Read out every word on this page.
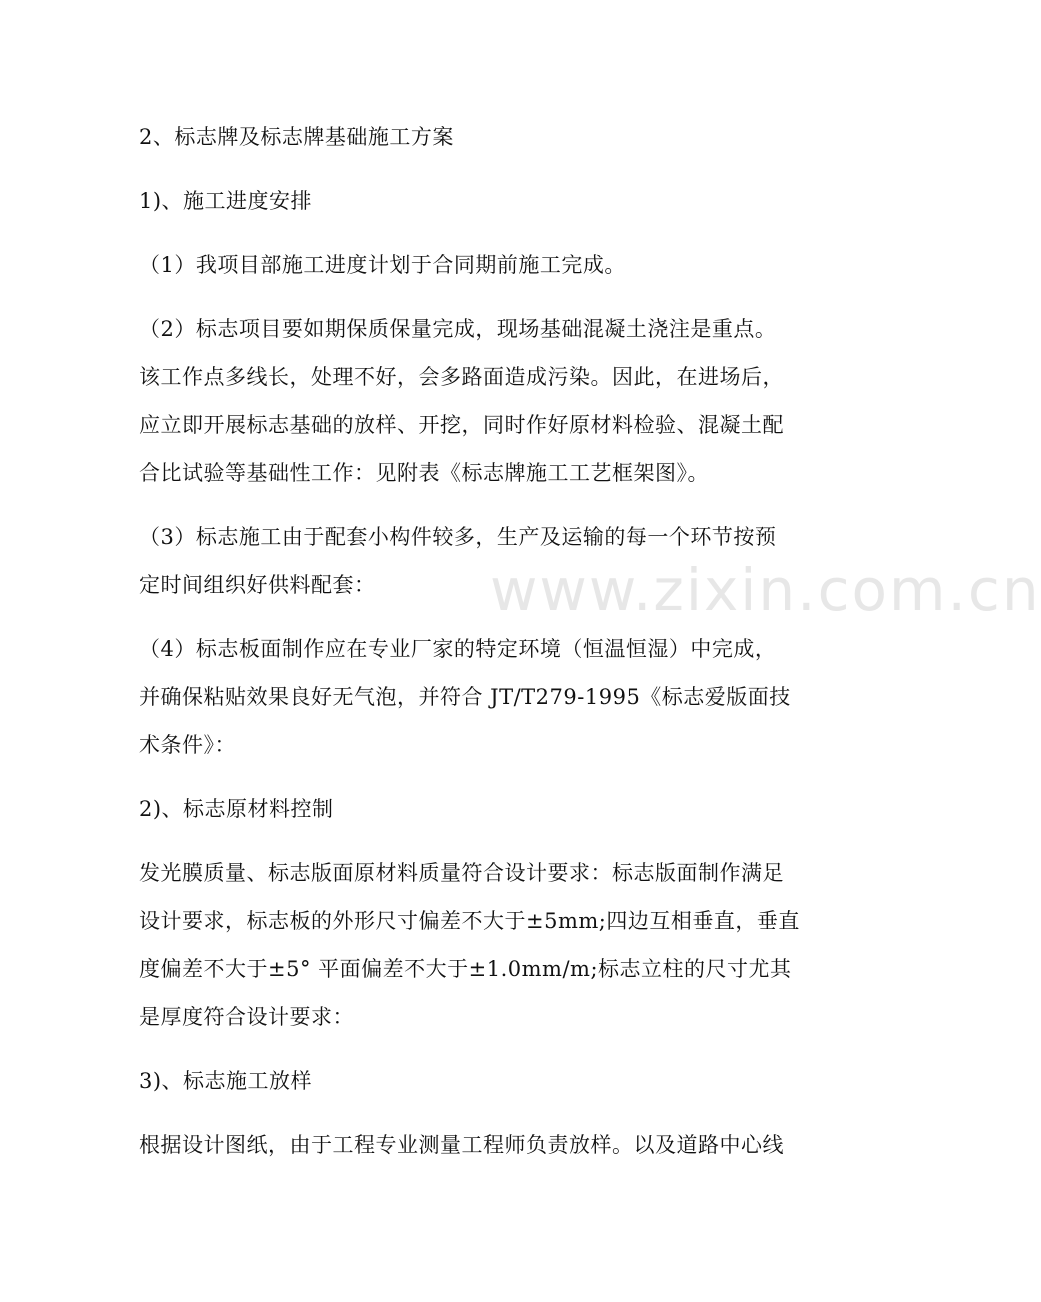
www.zixin.com.cn
2、标志牌及标志牌基础施工方案
1)、施工进度安排
（1）我项目部施工进度计划于合同期前施工完成。
（2）标志项目要如期保质保量完成，现场基础混凝土浇注是重点。
该工作点多线长，处理不好，会多路面造成污染。因此，在进场后，
应立即开展标志基础的放样、开挖，同时作好原材料检验、混凝土配
合比试验等基础性工作：见附表《标志牌施工工艺框架图》。
（3）标志施工由于配套小构件较多，生产及运输的每一个环节按预
定时间组织好供料配套：
（4）标志板面制作应在专业厂家的特定环境（恒温恒湿）中完成，
并确保粘贴效果良好无气泡，并符合 JT/T279-1995《标志爱版面技
术条件》：
2)、标志原材料控制
发光膜质量、标志版面原材料质量符合设计要求：标志版面制作满足
设计要求，标志板的外形尺寸偏差不大于±5mm;四边互相垂直，垂直
度偏差不大于±5° 平面偏差不大于±1.0mm/m;标志立柱的尺寸尤其
是厚度符合设计要求：
3)、标志施工放样
根据设计图纸，由于工程专业测量工程师负责放样。以及道路中心线
